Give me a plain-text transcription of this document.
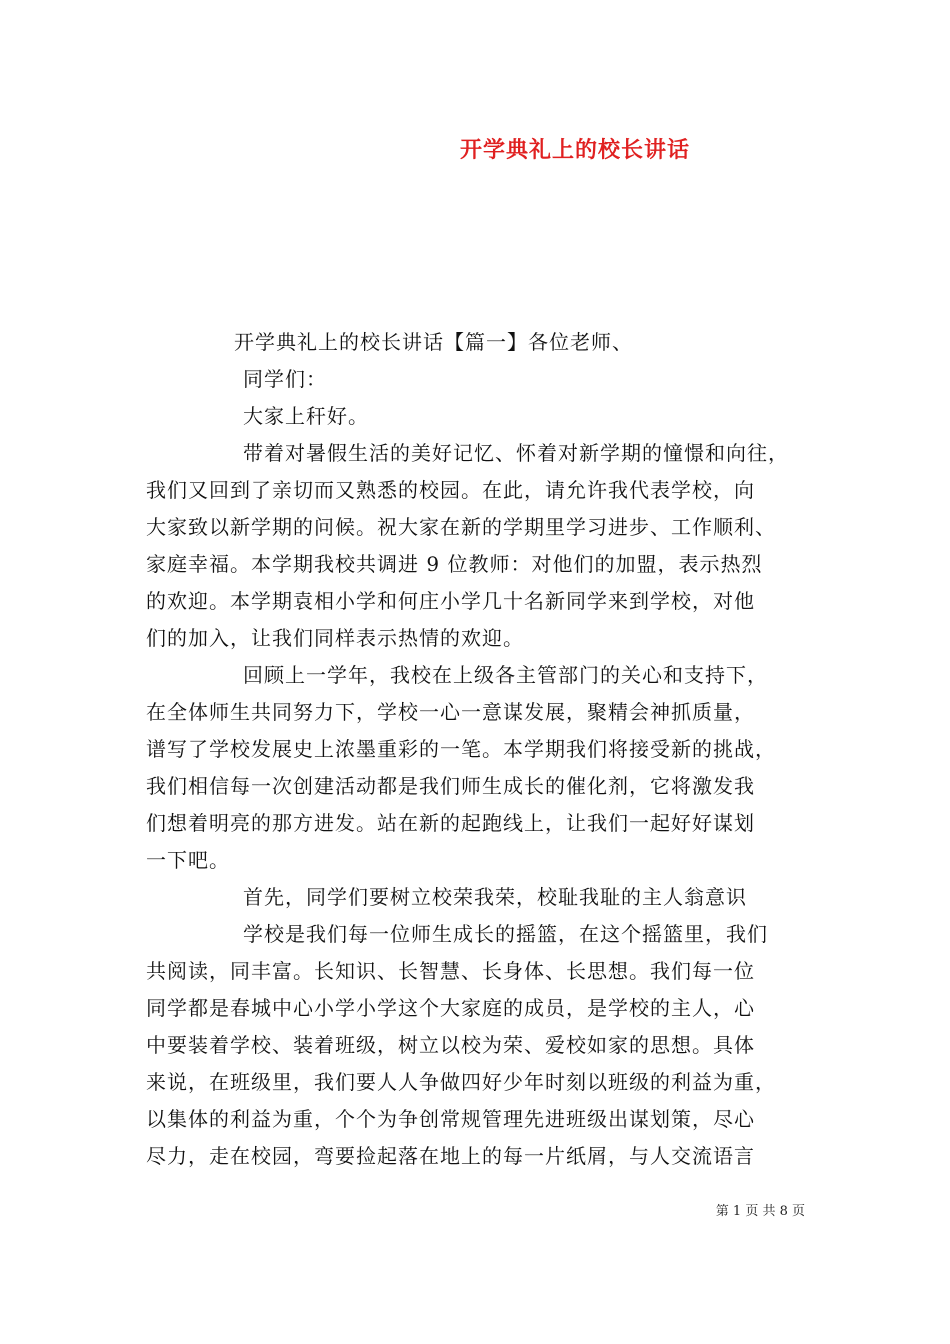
开学典礼上的校长讲话
开学典礼上的校长讲话【篇一】各位老师、
同学们：
大家上秆好。
带着对暑假生活的美好记忆、怀着对新学期的憧憬和向往，
我们又回到了亲切而又熟悉的校园。在此，请允许我代表学校，向
大家致以新学期的问候。祝大家在新的学期里学习进步、工作顺利、
家庭幸福。本学期我校共调进 9 位教师：对他们的加盟，表示热烈
的欢迎。本学期袁相小学和何庄小学几十名新同学来到学校，对他
们的加入，让我们同样表示热情的欢迎。
回顾上一学年，我校在上级各主管部门的关心和支持下，
在全体师生共同努力下，学校一心一意谋发展，聚精会神抓质量，
谱写了学校发展史上浓墨重彩的一笔。本学期我们将接受新的挑战，
我们相信每一次创建活动都是我们师生成长的催化剂，它将激发我
们想着明亮的那方进发。站在新的起跑线上，让我们一起好好谋划
一下吧。
首先，同学们要树立校荣我荣，校耻我耻的主人翁意识
学校是我们每一位师生成长的摇篮，在这个摇篮里，我们
共阅读，同丰富。长知识、长智慧、长身体、长思想。我们每一位
同学都是春城中心小学小学这个大家庭的成员，是学校的主人，心
中要装着学校、装着班级，树立以校为荣、爱校如家的思想。具体
来说，在班级里，我们要人人争做四好少年时刻以班级的利益为重，
以集体的利益为重，个个为争创常规管理先进班级出谋划策，尽心
尽力，走在校园，弯要捡起落在地上的每一片纸屑，与人交流语言
第 1 页 共 8 页
